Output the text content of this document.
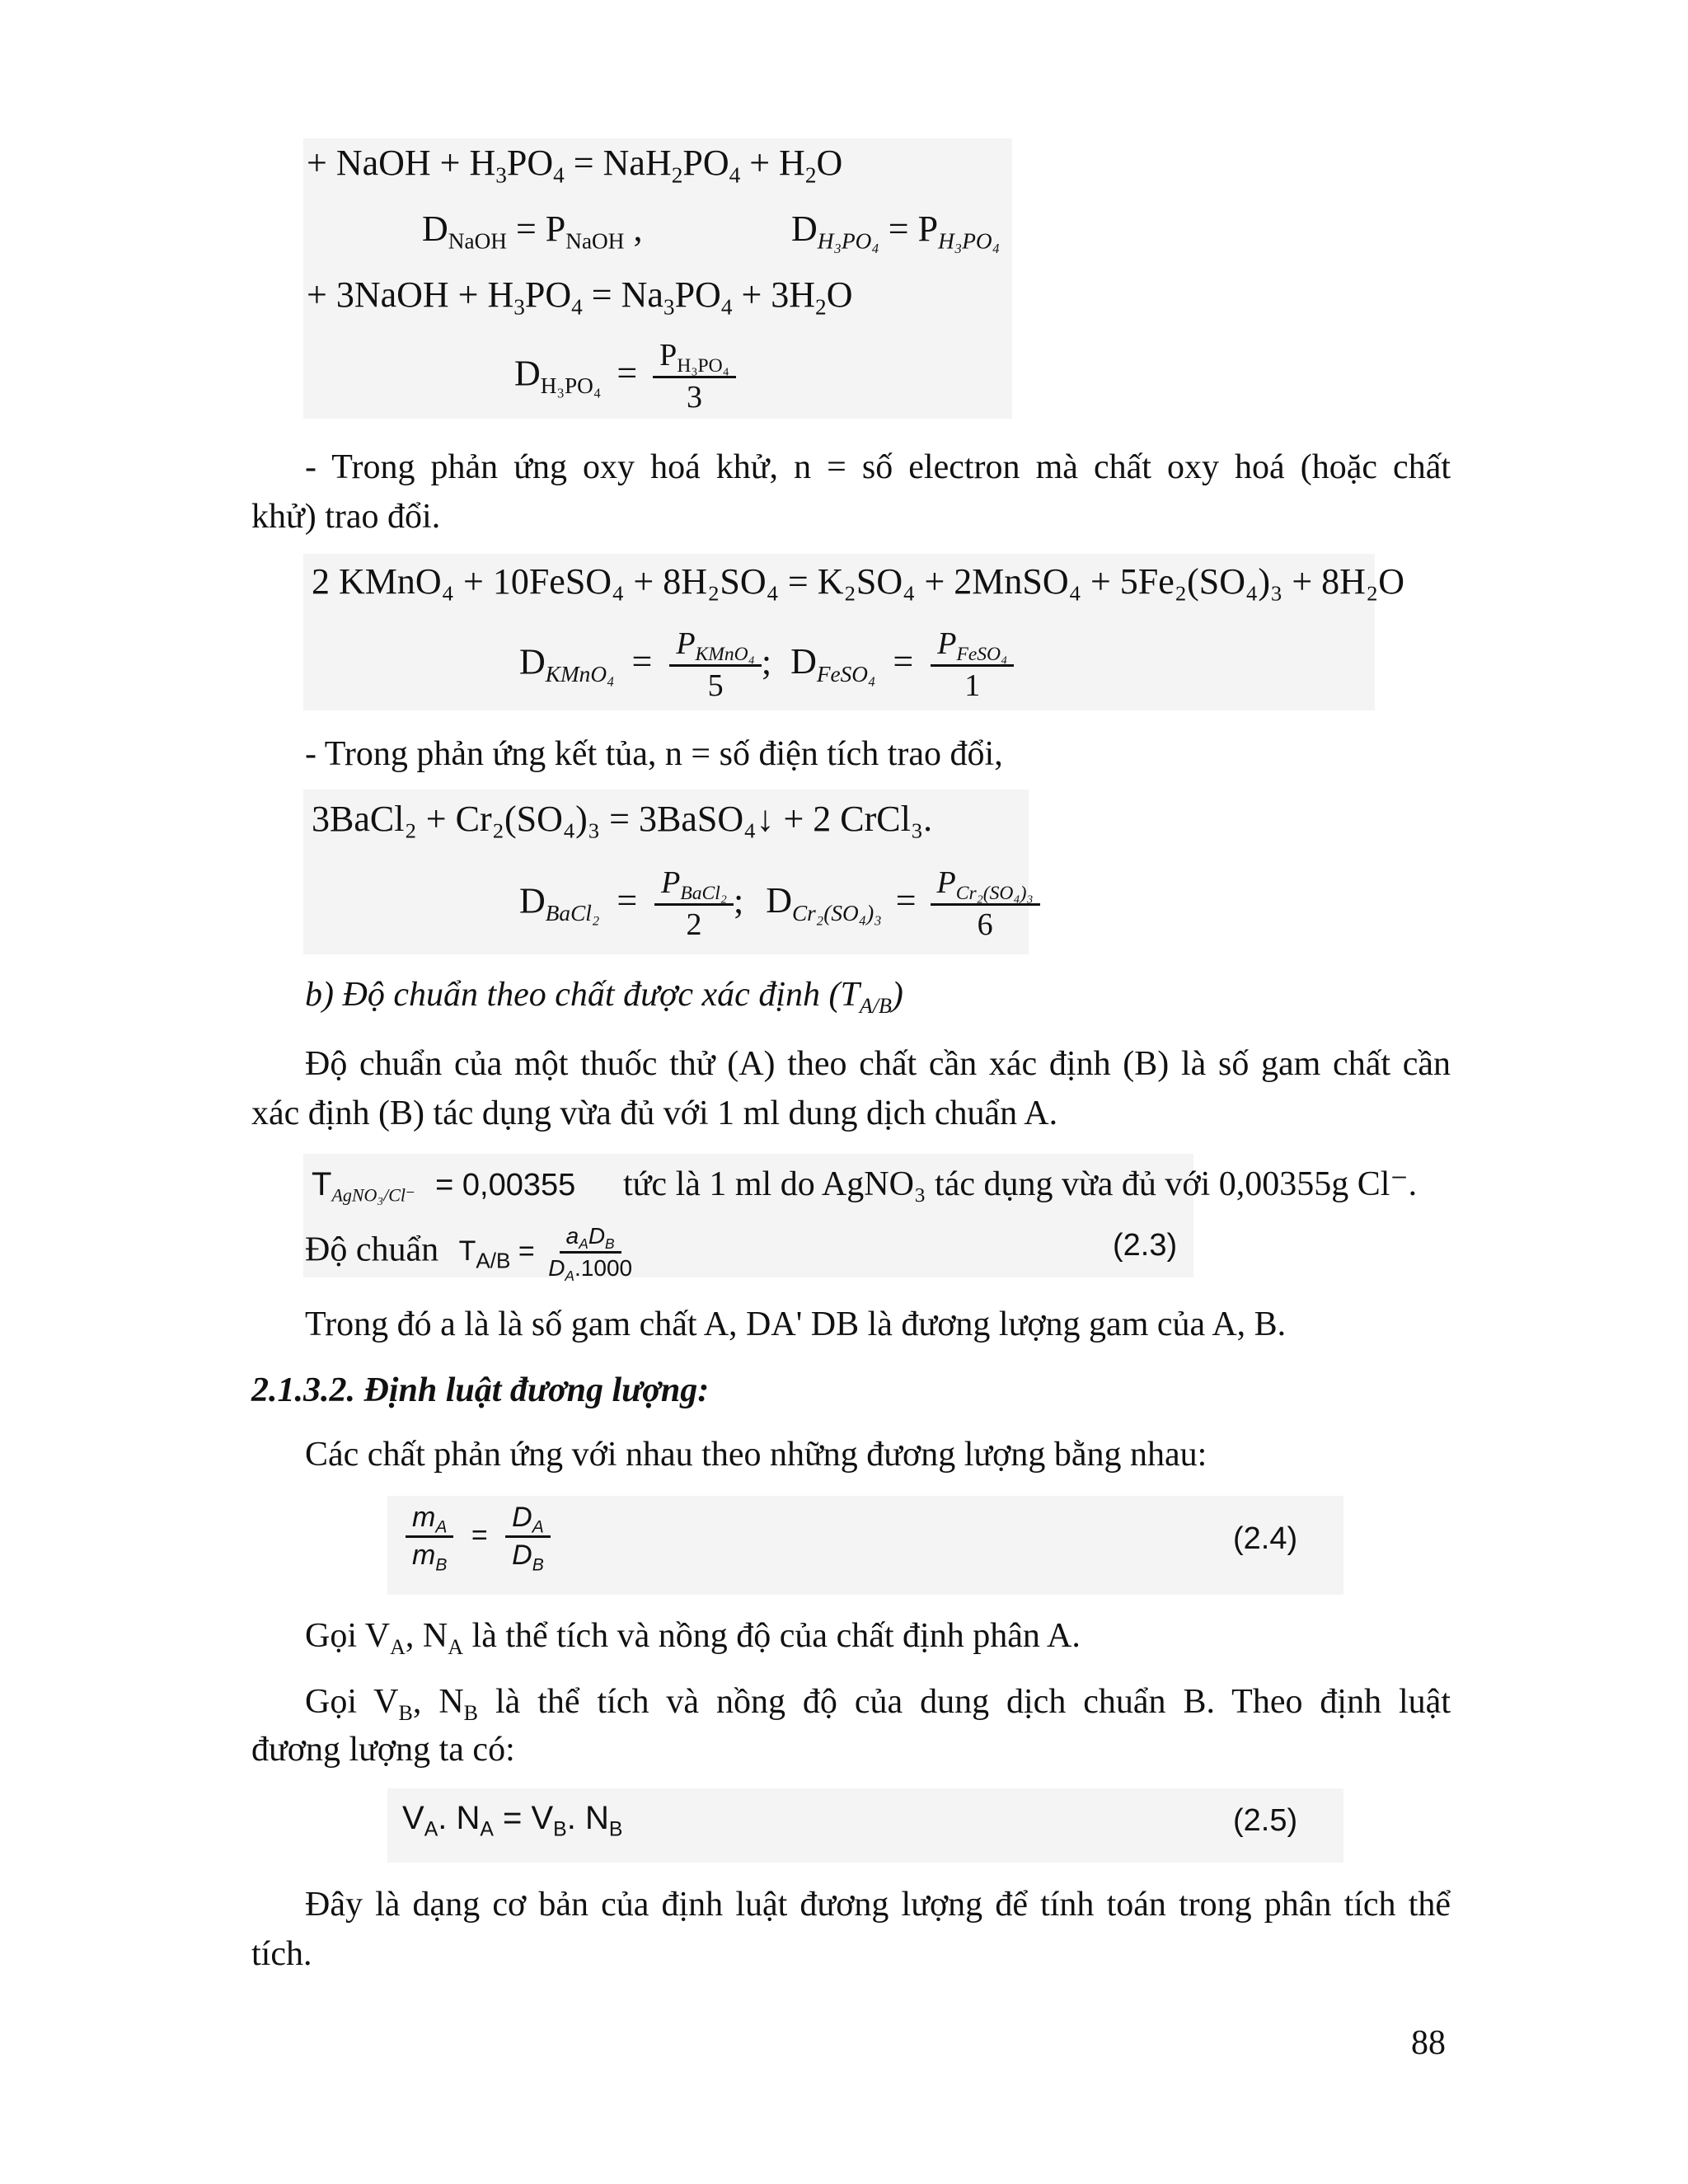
+ NaOH + $H_3PO_4 = NaH_2PO_4 + H_2O$
$D_{NaOH} = P_{NaOH}$ ,	$D_{H_3PO_4} = P_{H_3PO_4}$
+ 3NaOH + $H_3PO_4 = Na_3PO_4 + 3H_2O$
$D_{H_3PO_4} = \frac{P_{H_3PO_4}}{3}$
- Trong phản ứng oxy hoá khử, n = số electron mà chất oxy hoá (hoặc chất
khử) trao đổi.
2 KMnO₄ + 10FeSO₄ + 8H₂SO₄ = K₂SO₄ + 2MnSO₄ + 5Fe₂(SO₄)₃ + 8H₂O
$D_{KMnO_4} = \frac{P_{KMnO_4}}{5}$ ; $D_{FeSO_4} = \frac{P_{FeSO_4}}{1}$
- Trong phản ứng kết tủa, n = số điện tích trao đổi,
3BaCl₂ + Cr₂(SO₄)₃ = 3BaSO₄↓ + 2 CrCl₃.
$D_{BaCl_2} = \frac{P_{BaCl_2}}{2}$ ; $D_{Cr_2(SO_4)_3} = \frac{P_{Cr_2(SO_4)_3}}{6}$
b) Độ chuẩn theo chất được xác định $(T_{A/B})$
Độ chuẩn của một thuốc thử (A) theo chất cần xác định (B) là số gam chất cần
xác định (B) tác dụng vừa đủ với 1 ml dung dịch chuẩn A.
$T_{AgNO_3/Cl^-} = 0,00355$ tức là 1 ml do AgNO₃ tác dụng vừa đủ với 0,00355g Cl⁻.
Độ chuẩn $T_{A/B} = \frac{a_AD_B}{D_A.1000}$	(2.3)
Trong đó a là là số gam chất A, DA' DB là đương lượng gam của A, B.
2.1.3.2. Định luật đương lượng:
Các chất phản ứng với nhau theo những đương lượng bằng nhau:
$\frac{m_A}{m_B} = \frac{D_A}{D_B}$	(2.4)
Gọi $V_A$, $N_A$ là thể tích và nồng độ của chất định phân A.
Gọi $V_B$, $N_B$ là thể tích và nồng độ của dung dịch chuẩn B. Theo định luật
đương lượng ta có:
$V_A$. $N_A = V_B$. $N_B$	(2.5)
Đây là dạng cơ bản của định luật đương lượng để tính toán trong phân tích thể
tích.
88
